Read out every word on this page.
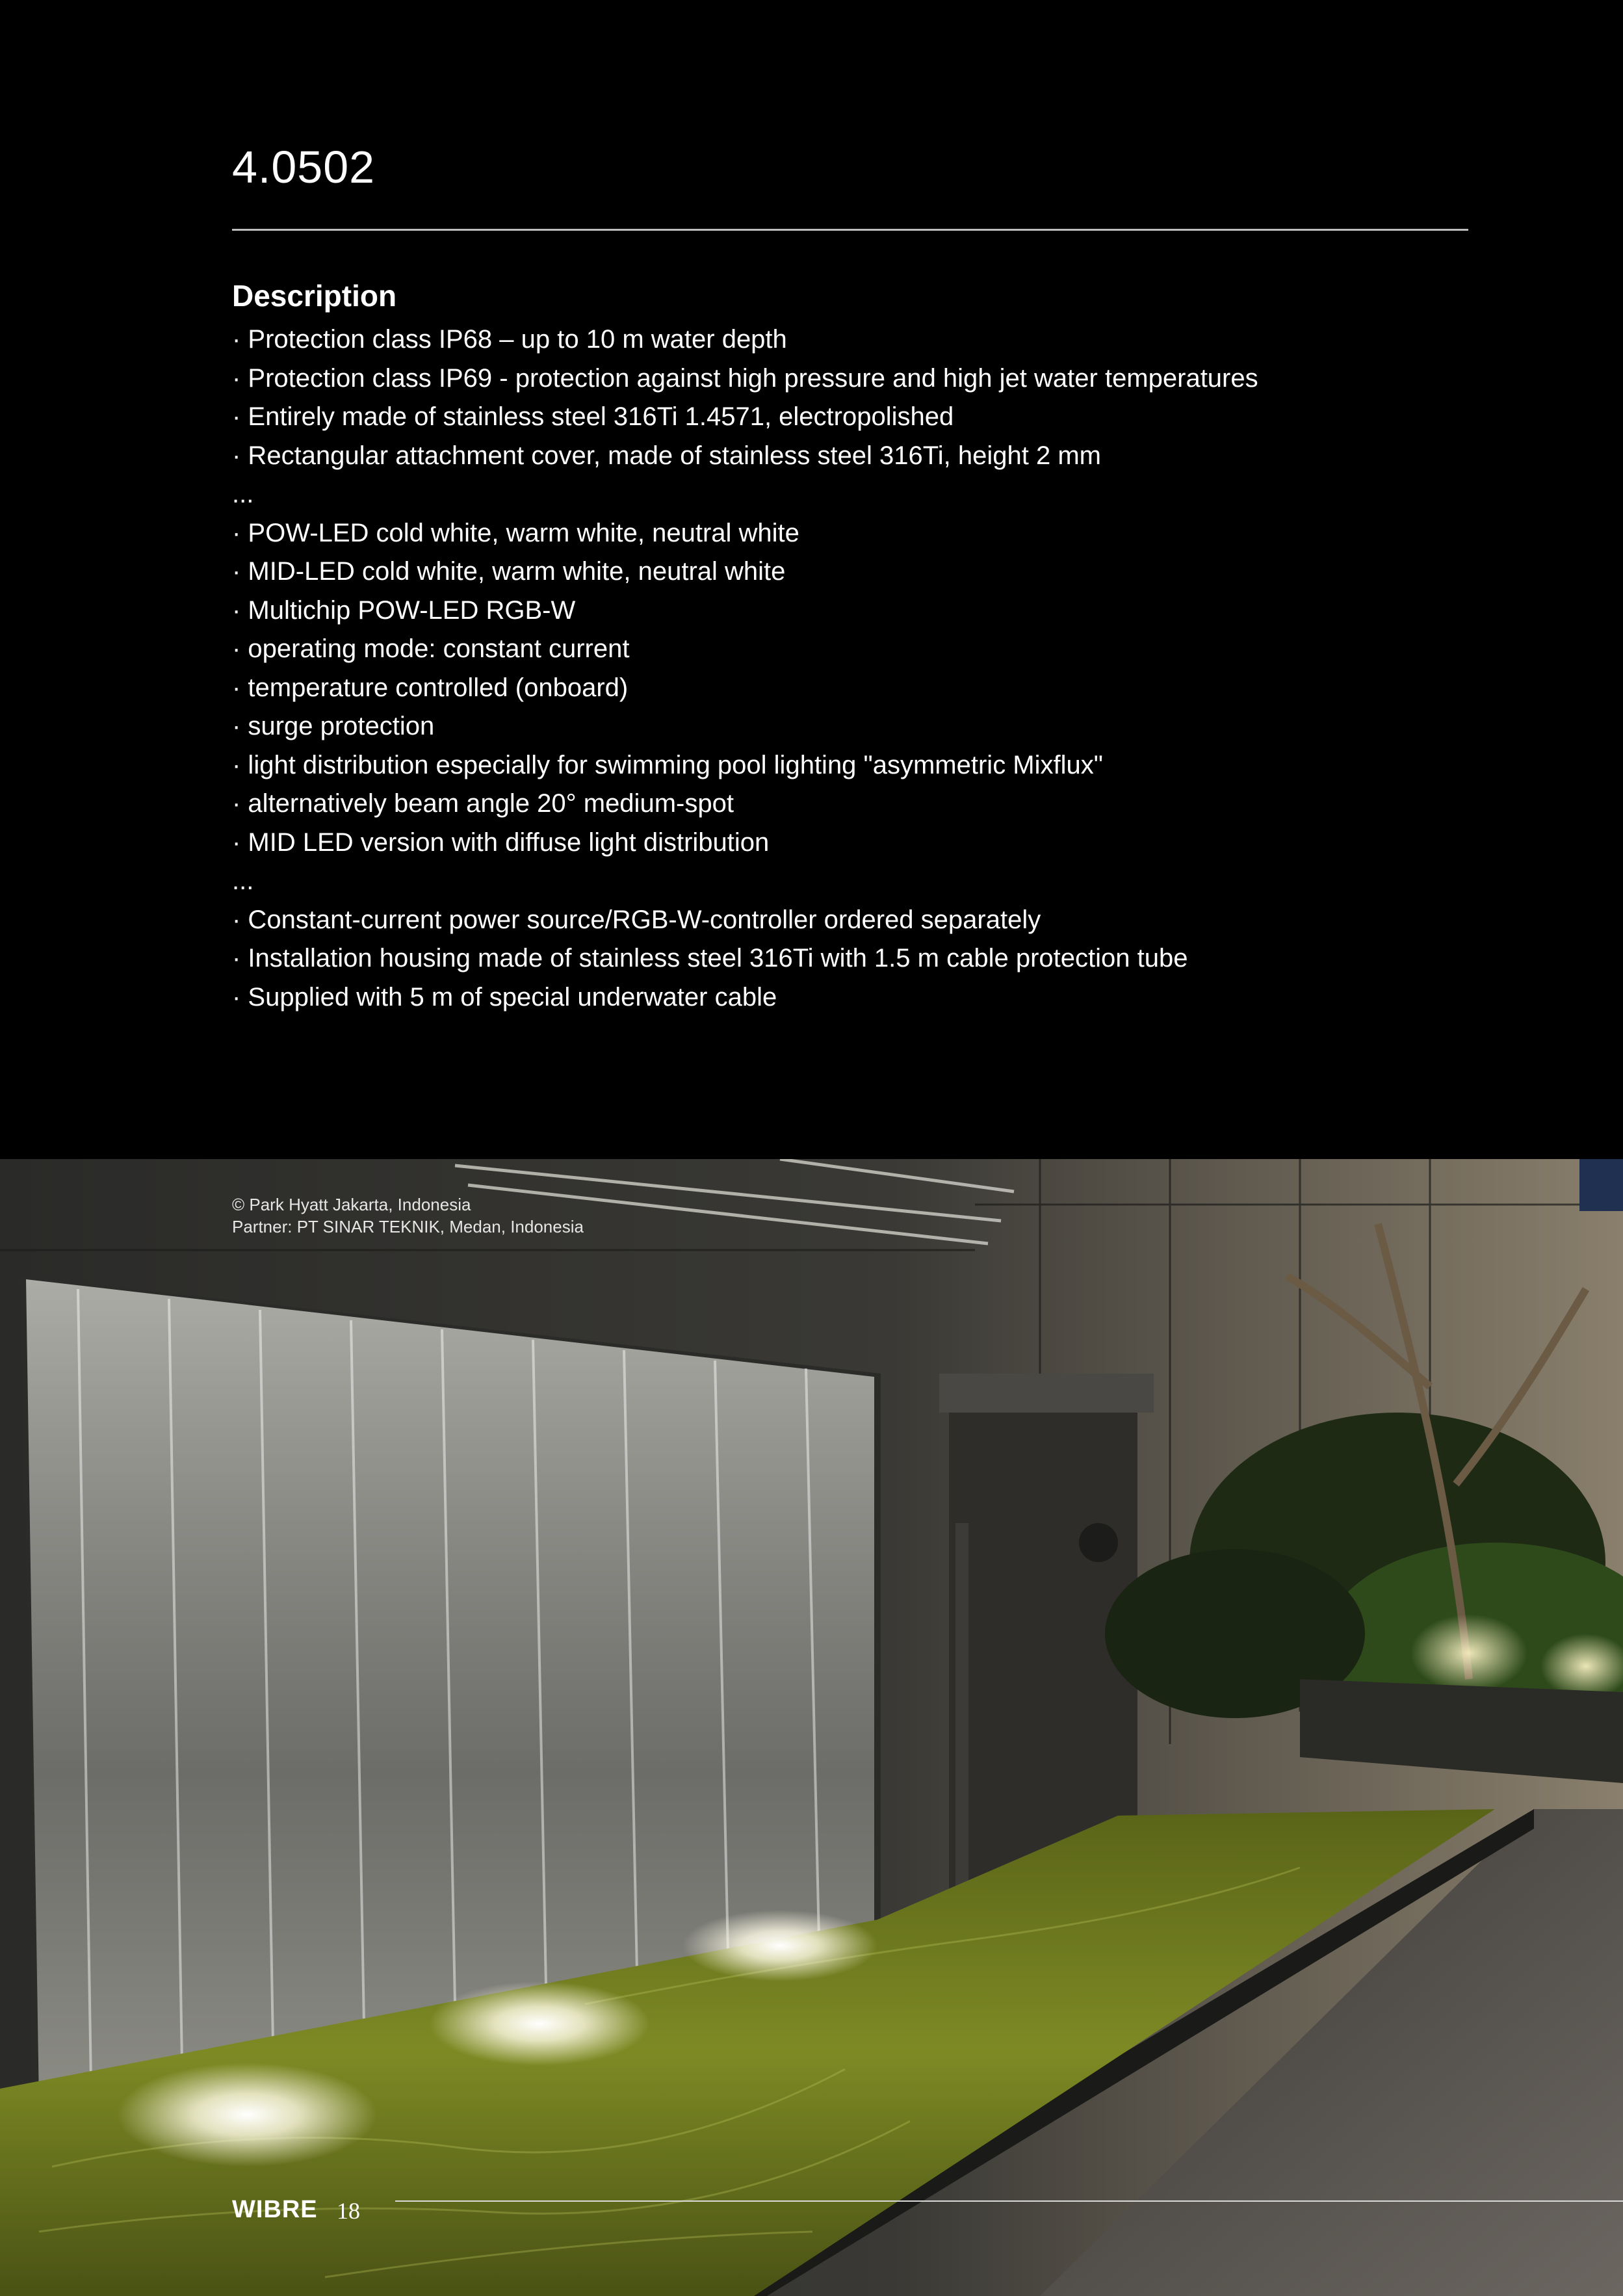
4.0502
Description
· Protection class IP68 – up to 10 m water depth
· Protection class IP69 - protection against high pressure and high jet water temperatures
· Entirely made of stainless steel 316Ti 1.4571, electropolished
· Rectangular attachment cover, made of stainless steel 316Ti, height 2 mm
...
· POW-LED cold white, warm white, neutral white
· MID-LED cold white, warm white, neutral white
· Multichip POW-LED RGB-W
· operating mode: constant current
· temperature controlled (onboard)
· surge protection
· light distribution especially for swimming pool lighting "asymmetric Mixflux"
· alternatively beam angle 20° medium-spot
· MID LED version with diffuse light distribution
...
· Constant-current power source/RGB-W-controller ordered separately
· Installation housing made of stainless steel 316Ti with 1.5 m cable protection tube
· Supplied with 5 m of special underwater cable
© Park Hyatt Jakarta, Indonesia
Partner: PT SINAR TEKNIK, Medan, Indonesia
WIBRE 18
